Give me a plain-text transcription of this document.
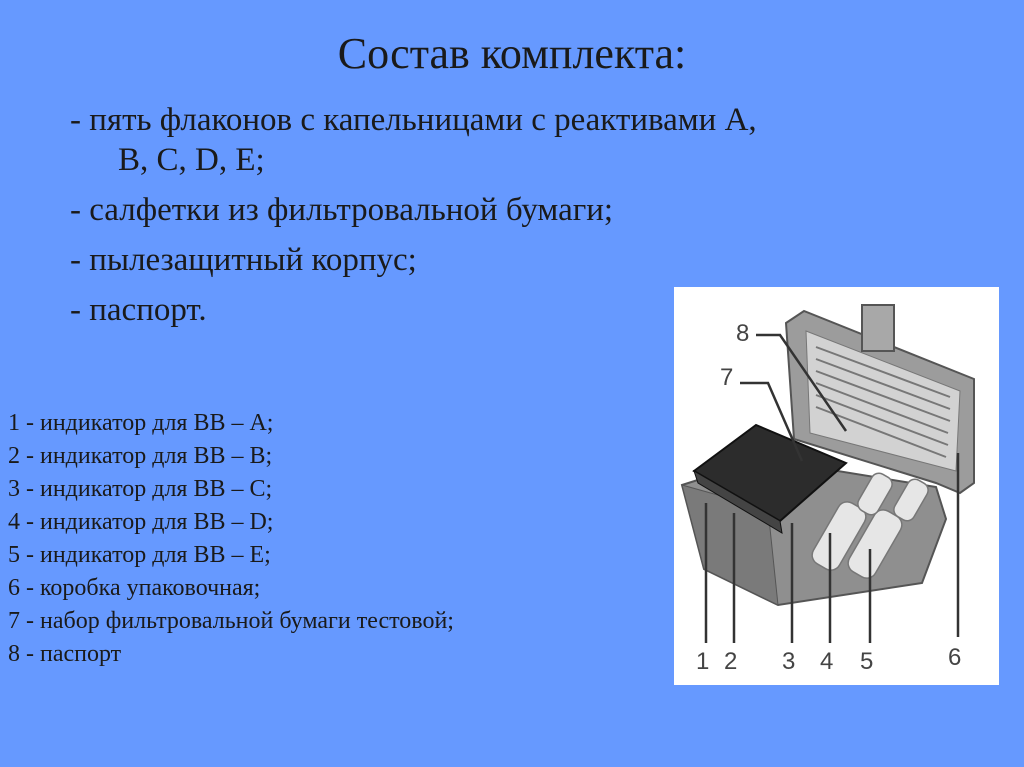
Состав комплекта:
- пять флаконов с капельницами с реактивами А,
В, С, D, Е;
- салфетки из фильтровальной бумаги;
- пылезащитный корпус;
- паспорт.
1 - индикатор для ВВ – А;
2 - индикатор для ВВ – В;
3 - индикатор для ВВ – С;
4 - индикатор для ВВ – D;
5 - индикатор для ВВ – Е;
6 - коробка упаковочная;
7 - набор фильтровальной бумаги тестовой;
8 - паспорт	1 2 3 4 5	6
7
8
